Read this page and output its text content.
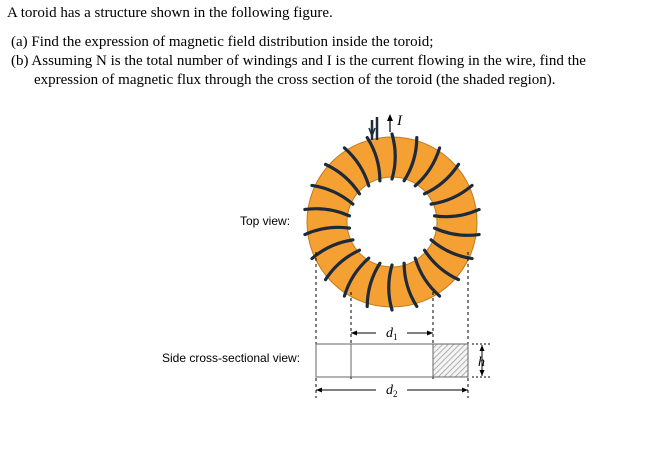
A toroid has a structure shown in the following figure.
(a) Find the expression of magnetic field distribution inside the toroid;
(b) Assuming N is the total number of windings and I is the current flowing in the wire, find the
expression of magnetic flux through the cross section of the toroid (the shaded region).
Top view:
Side cross-sectional view:
I
$d_1$
h
$d_2$
